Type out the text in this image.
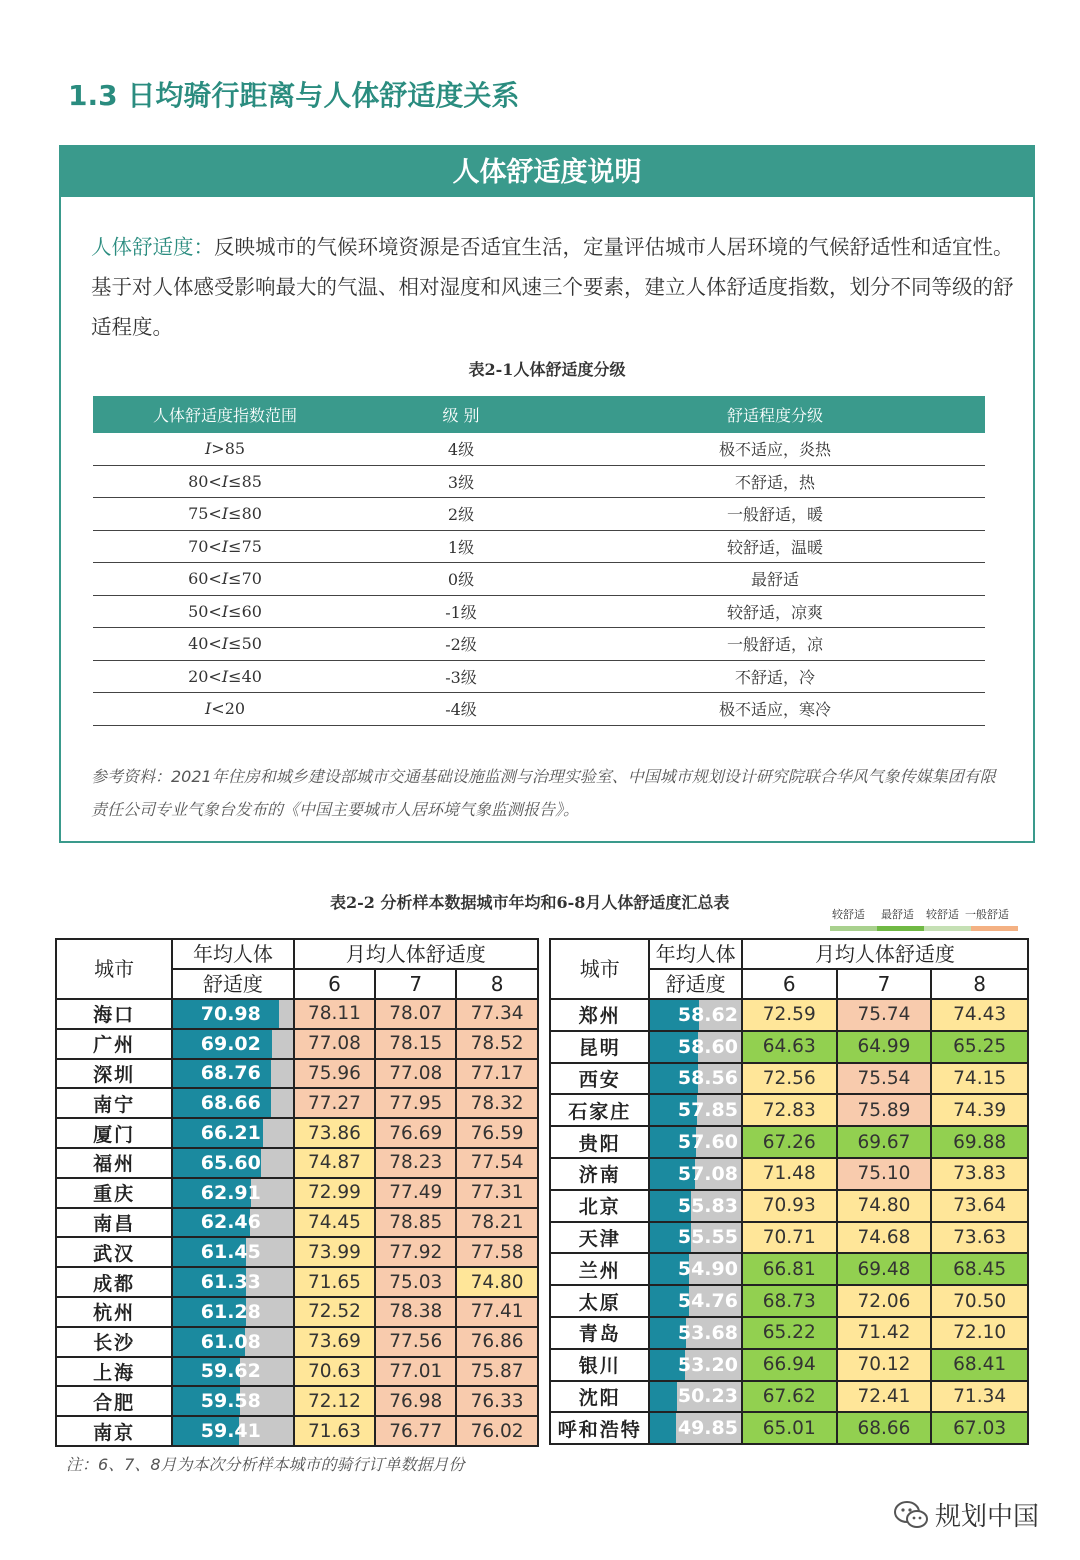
1.3 日均骑行距离与人体舒适度关系
人体舒适度说明
人体舒适度：反映城市的气候环境资源是否适宜生活，定量评估城市人居环境的气候舒适性和适宜性。基于对人体感受影响最大的气温、相对湿度和风速三个要素，建立人体舒适度指数，划分不同等级的舒适程度。
表2-1人体舒适度分级
人体舒适度指数范围	级 别	舒适程度分级
I>85	4级	极不适应，炎热
80<I≤85	3级	不舒适，热
75<I≤80	2级	一般舒适，暖
70<I≤75	1级	较舒适，温暖
60<I≤70	0级	最舒适
50<I≤60	-1级	较舒适，凉爽
40<I≤50	-2级	一般舒适，凉
20<I≤40	-3级	不舒适，冷
I<20	-4级	极不适应，寒冷
参考资料：2021年住房和城乡建设部城市交通基础设施监测与治理实验室、中国城市规划设计研究院联合华风气象传媒集团有限责任公司专业气象台发布的《中国主要城市人居环境气象监测报告》。
表2-2 分析样本数据城市年均和6-8月人体舒适度汇总表
较舒适 最舒适 较舒适 一般舒适
城市	年均人体	月均人体舒适度		
	舒适度	6	7	8
海口	70.98	78.11	78.07	77.34
广州	69.02	77.08	78.15	78.52
深圳	68.76	75.96	77.08	77.17
南宁	68.66	77.27	77.95	78.32
厦门	66.21	73.86	76.69	76.59
福州	65.60	74.87	78.23	77.54
重庆	62.91	72.99	77.49	77.31
南昌	62.46	74.45	78.85	78.21
武汉	61.45	73.99	77.92	77.58
成都	61.33	71.65	75.03	74.80
杭州	61.28	72.52	78.38	77.41
长沙	61.08	73.69	77.56	76.86
上海	59.62	70.63	77.01	75.87
合肥	59.58	72.12	76.98	76.33
南京	59.41	71.63	76.77	76.02
城市	年均人体	月均人体舒适度		
	舒适度	6	7	8
郑州	58.62	72.59	75.74	74.43
昆明	58.60	64.63	64.99	65.25
西安	58.56	72.56	75.54	74.15
石家庄	57.85	72.83	75.89	74.39
贵阳	57.60	67.26	69.67	69.88
济南	57.08	71.48	75.10	73.83
北京	55.83	70.93	74.80	73.64
天津	55.55	70.71	74.68	73.63
兰州	54.90	66.81	69.48	68.45
太原	54.76	68.73	72.06	70.50
青岛	53.68	65.22	71.42	72.10
银川	53.20	66.94	70.12	68.41
沈阳	50.23	67.62	72.41	71.34
呼和浩特	49.85	65.01	68.66	67.03
注：6、7、8月为本次分析样本城市的骑行订单数据月份
规划中国
